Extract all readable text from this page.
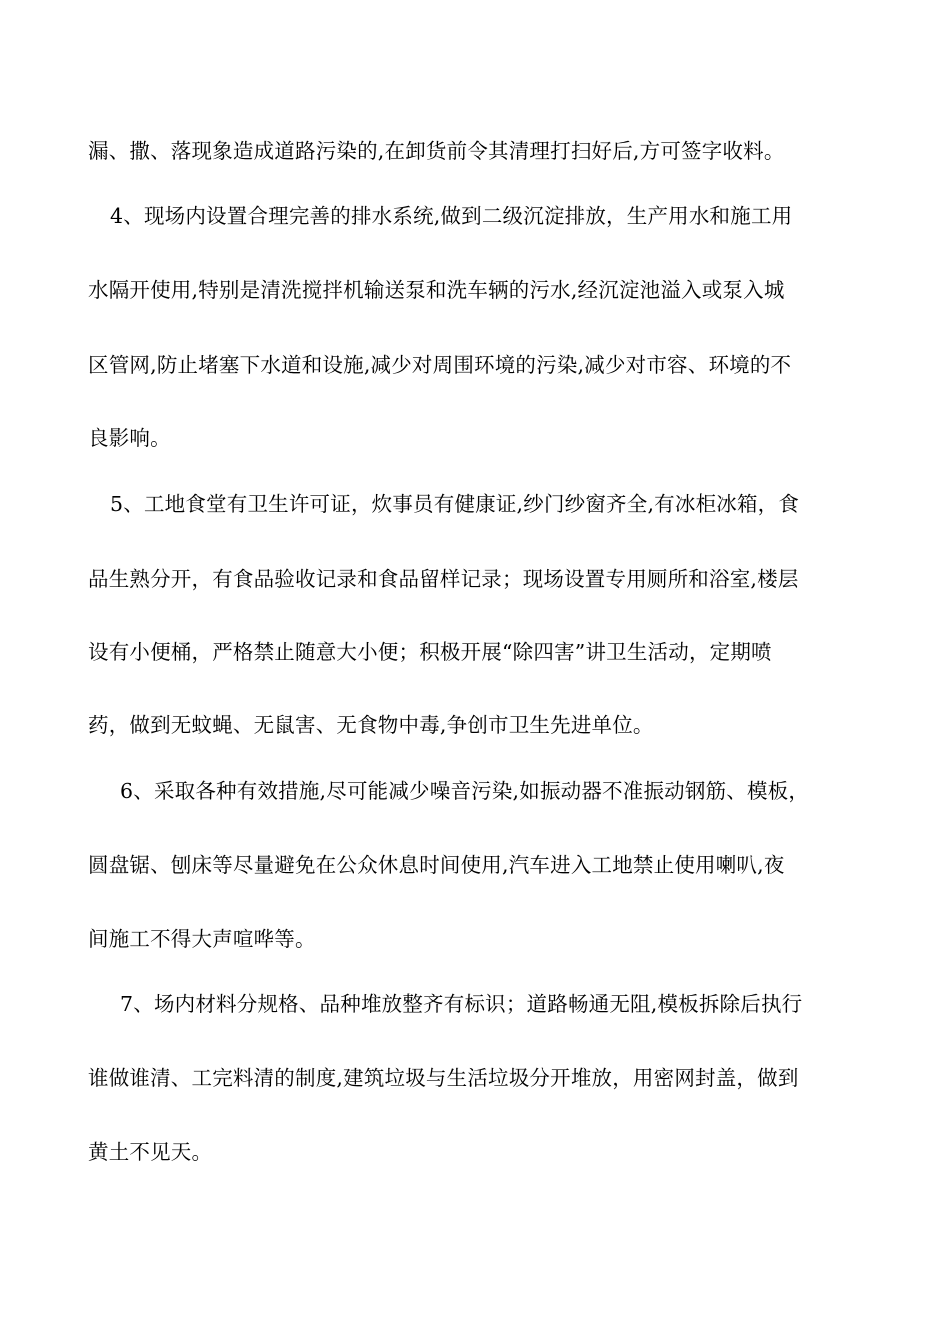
漏、撒、落现象造成道路污染的,在卸货前令其清理打扫好后,方可签字收料。
4、现场内设置合理完善的排水系统,做到二级沉淀排放，生产用水和施工用
水隔开使用,特别是清洗搅拌机输送泵和洗车辆的污水,经沉淀池溢入或泵入城
区管网,防止堵塞下水道和设施,减少对周围环境的污染,减少对市容、环境的不
良影响。
5、工地食堂有卫生许可证，炊事员有健康证,纱门纱窗齐全,有冰柜冰箱，食
品生熟分开，有食品验收记录和食品留样记录；现场设置专用厕所和浴室,楼层
设有小便桶，严格禁止随意大小便；积极开展“除四害”讲卫生活动，定期喷
药，做到无蚊蝇、无鼠害、无食物中毒,争创市卫生先进单位。
6、采取各种有效措施,尽可能减少噪音污染,如振动器不准振动钢筋、模板，
圆盘锯、刨床等尽量避免在公众休息时间使用,汽车进入工地禁止使用喇叭,夜
间施工不得大声喧哗等。
7、场内材料分规格、品种堆放整齐有标识；道路畅通无阻,模板拆除后执行
谁做谁清、工完料清的制度,建筑垃圾与生活垃圾分开堆放，用密网封盖，做到
黄土不见天。
